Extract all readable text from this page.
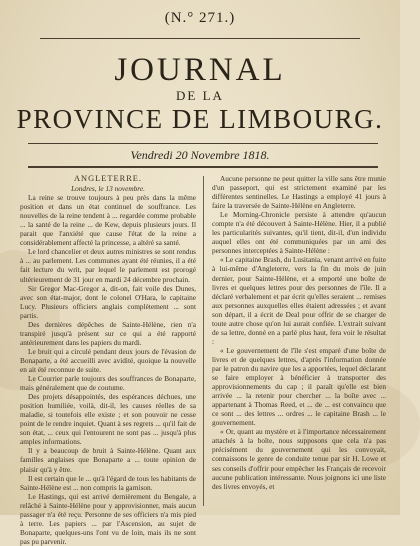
(N.° 271.)
JOURNAL
DE LA
PROVINCE DE LIMBOURG.
Vendredi 20 Novembre 1818.

ANGLETERRE.

Londres, le 13 novembre.

La reine se trouve toujours à peu près dans la même position et dans un état continuel de souffrance. Les nouvelles de la reine tendent à ... regardée comme probable ... la santé de la reine ... de Kew, depuis plusieurs jours. Il parait que l'anxiété que cause l'état de la reine a considérablement affecté la princesse, a altéré sa santé.

Le lord chancelier et deux autres ministres se sont rendus à ... au parlement. Les communes ayant été réunies, il a été fait lecture du writ, par lequel le parlement est prorogé ultérieurement de 31 jour en mardi 24 décembre prochain.

Sir Gregor Mac-Gregor a, dit-on, fait voile des Dunes, avec son état-major, dont le colonel O'Hara, le capitaine Lucy. Plusieurs officiers anglais complètement ... sont partis.

Des dernières dépêches de Sainte-Hélène, rien n'a transpiré jusqu'à présent sur ce qui a été rapporté antérieurement dans les papiers du mardi.

Le bruit qui a circulé pendant deux jours de l'évasion de Bonaparte, a été accueilli avec avidité, quoique la nouvelle en ait été reconnue de suite.

Le Courrier parle toujours des souffrances de Bonaparte, mais généralement que de coutume.

Des projets désappointés, des espérances déchues, une position humiliée, voilà, dit-il, les causes réelles de sa maladie, si toutefois elle existe ; et son pouvoir ne cesse point de le rendre inquiet. Quant à ses regrets ... qu'il fait de son état, ... ceux qui l'entourent ne sont pas ... jusqu'à plus amples informations.

Il y a beaucoup de bruit à Sainte-Hélène. Quant aux familles anglaises que Bonaparte a ... toute opinion de plaisir qu'à y être.

Il est certain que le ... qu'à l'égard de tous les habitants de Sainte-Hélène est ... non compris la garnison.

Le Hastings, qui est arrivé dernièrement du Bengale, a relâché à Sainte-Hélène pour y approvisionner, mais aucun passager n'a été reçu. Personne de ses officiers n'a mis pied à terre. Les papiers ... par l'Ascension, au sujet de Bonaparte, quelques-uns l'ont vu de loin, mais ils ne sont pas pu parvenir.

Aucune personne ne peut quitter la ville sans être munie d'un passeport, qui est strictement examiné par les différentes sentinelles. Le Hastings a employé 41 jours à faire la traversée de Sainte-Hélène en Angleterre.

Le Morning-Chronicle persiste à attendre qu'aucun compte n'a été découvert à Sainte-Hélène. Hier, il a publié les particularités suivantes, qu'il tient, dit-il, d'un individu auquel elles ont été communiquées par un ami des personnes interceptées à Sainte-Hélène :

« Le capitaine Brash, du Lusitania, venant arrivé en fuite à lui-même d'Angleterre, vers la fin du mois de juin dernier, pour Sainte-Hélène, et a emporté une boîte de livres et quelques lettres pour des personnes de l'île. Il a déclaré verbalement et par écrit qu'elles seraient ... remises aux personnes auxquelles elles étaient adressées ; et avant son départ, il a écrit de Deal pour offrir de se charger de toute autre chose qu'on lui aurait confiée. L'extrait suivant de sa lettre, donné en a parlé plus haut, fera voir le résultat :

« Le gouvernement de l'île s'est emparé d'une boîte de livres et de quelques lettres, d'après l'information donnée par le patron du navire que les a apportées, lequel déclarant se faire employer à bénéficier à transporter des approvisionnements du cap ; il paraît qu'elle est bien arrivée ... la retenir pour chercher ... la boîte avec ... appartenant à Thomas Reed, et ... de ... est convaincu que ce sont ... des lettres ... ordres ... le capitaine Brash ... le gouvernement.

« Or, quant au mystère et à l'importance nécessairement attachés à la boîte, nous supposons que cela n'a pas précisément du gouvernement qui les convoyait, connaissons le genre de conduite tenue par sir H. Lowe et ses conseils d'offrir pour empêcher les Français de recevoir aucune publication intéressante. Nous joignons ici une liste des livres envoyés, et
